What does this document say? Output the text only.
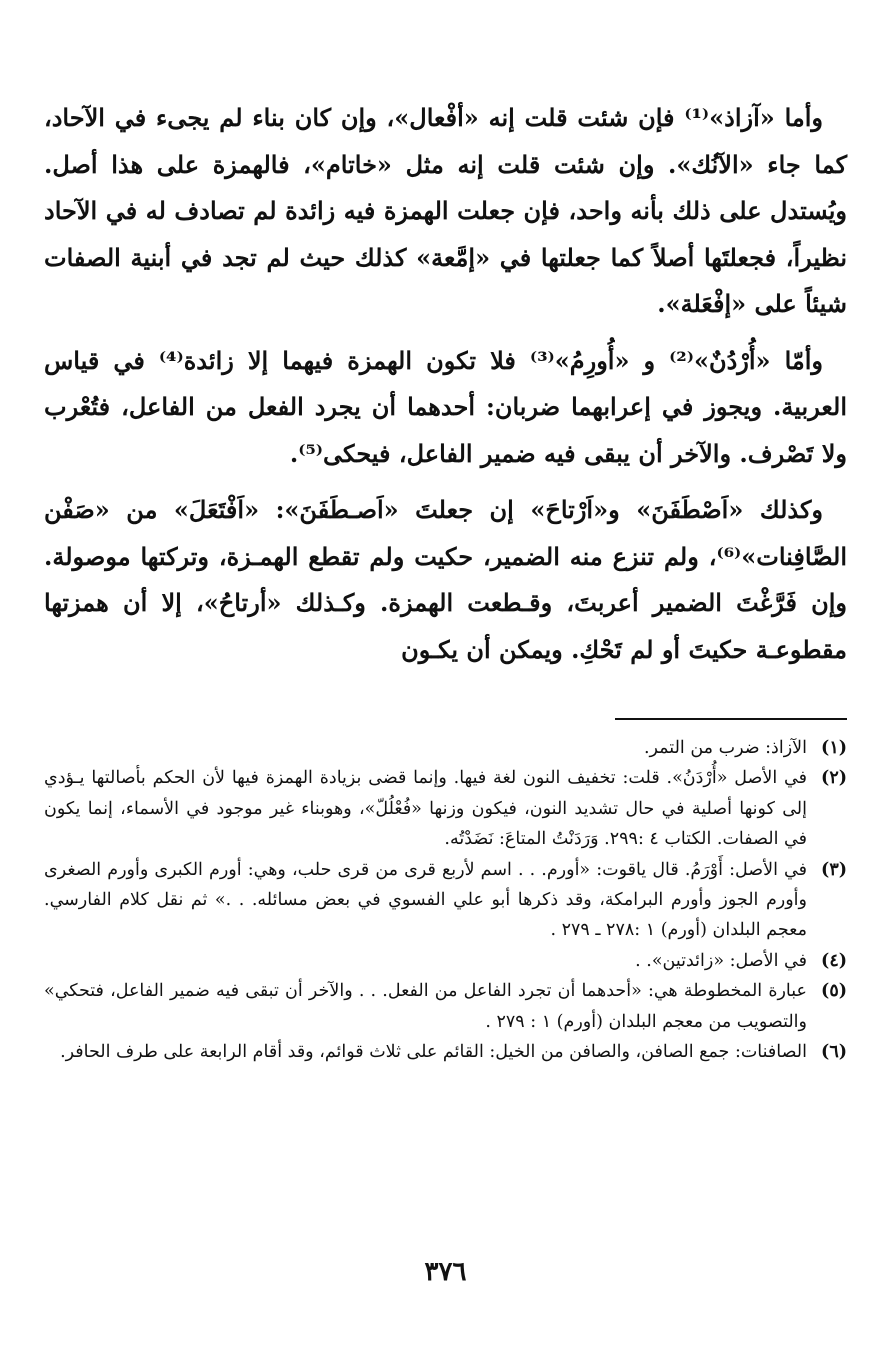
وأما «آزاذ»⁽¹⁾ فإن شئت قلت إنه «أفْعال»، وإن كان بناء لم يجىء في الآحاد، كما جاء «الآنُك». وإن شئت قلت إنه مثل «خاتام»، فالهمزة على هذا أصل. ويُستدل على ذلك بأنه واحد، فإن جعلت الهمزة فيه زائدة لم تصادف له في الآحاد نظيراً، فجعلتَها أصلاً كما جعلتها في «إمَّعة» كذلك حيث لم تجد في أبنية الصفات شيئاً على «إفْعَلة».

وأمّا «أُرْدُنٌ»⁽²⁾ و «أُورِمُ»⁽³⁾ فلا تكون الهمزة فيهما إلا زائدة⁽⁴⁾ في قياس العربية. ويجوز في إعرابهما ضربان: أحدهما أن يجرد الفعل من الفاعل، فتُعْرب ولا تَصْرف. والآخر أن يبقى فيه ضمير الفاعل، فيحكى⁽⁵⁾.

وكذلك «اَصْطَفَنَ» و«اَرْتاحَ» إن جعلتَ «اَصـطَفَنَ»: «اَفْتَعَلَ» من «صَفْن الصَّافِنات»⁽⁶⁾، ولم تنزع منه الضمير، حكيت ولم تقطع الهمـزة، وتركتها موصولة. وإن فَرَّغْتَ الضمير أعربتَ، وقـطعت الهمزة. وكـذلك «أرتاحُ»، إلا أن همزتها مقطوعـة حكيتَ أو لم تَحْكِ. ويمكن أن يكـون

(١)
الآزاذ: ضرب من التمر.
(٢)
في الأصل «أُرْدَنُ». قلت: تخفيف النون لغة فيها. وإنما قضى بزيادة الهمزة فيها لأن الحكم بأصالتها يـؤدي إلى كونها أصلية في حال تشديد النون، فيكون وزنها «فُعْلُلّ»، وهوبناء غير موجود في الأسماء، إنما يكون في الصفات. الكتاب ٤ :٢٩٩. وَرَدَنْتُ المتاعَ: نَضَدْتُه.
(٣)
في الأصل: أَوْرَمُ. قال ياقوت: «أورم. . . اسم لأربع قرى من قرى حلب، وهي: أورم الكبرى وأورم الصغرى وأورم الجوز وأورم البرامكة، وقد ذكرها أبو علي الفسوي في بعض مسائله. . .» ثم نقل كلام الفارسي. معجم البلدان (أورم) ١ :٢٧٨ ـ ٢٧٩ .
(٤)
في الأصل: «زائدتين». .
(٥)
عبارة المخطوطة هي: «أحدهما أن تجرد الفاعل من الفعل. . . والآخر أن تبقى فيه ضمير الفاعل، فتحكي» والتصويب من معجم البلدان (أورم) ١ : ٢٧٩ .
(٦)
الصافنات: جمع الصافن، والصافن من الخيل: القائم على ثلاث قوائم، وقد أقام الرابعة على طرف الحافر.
٣٧٦
